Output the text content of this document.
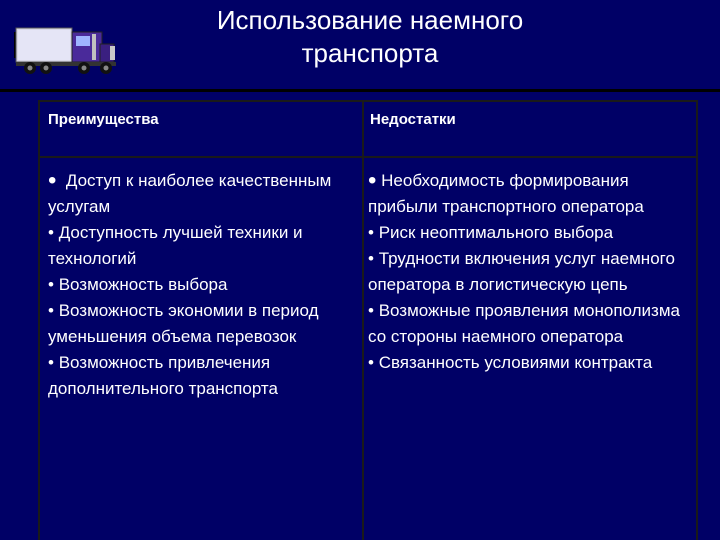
Использование наемного
транспорта
Преимущества	Недостатки

• Доступ к наиболее качественным услугам

• Доступность лучшей техники и технологий

• Возможность выбора

• Возможность экономии в период уменьшения объема перевозок

• Возможность привлечения дополнительного транспорта

• Необходимость формирования прибыли транспортного оператора

• Риск неоптимального выбора

• Трудности включения услуг наемного оператора в логистическую цепь

• Возможные проявления монополизма со стороны наемного оператора

• Связанность условиями контракта
